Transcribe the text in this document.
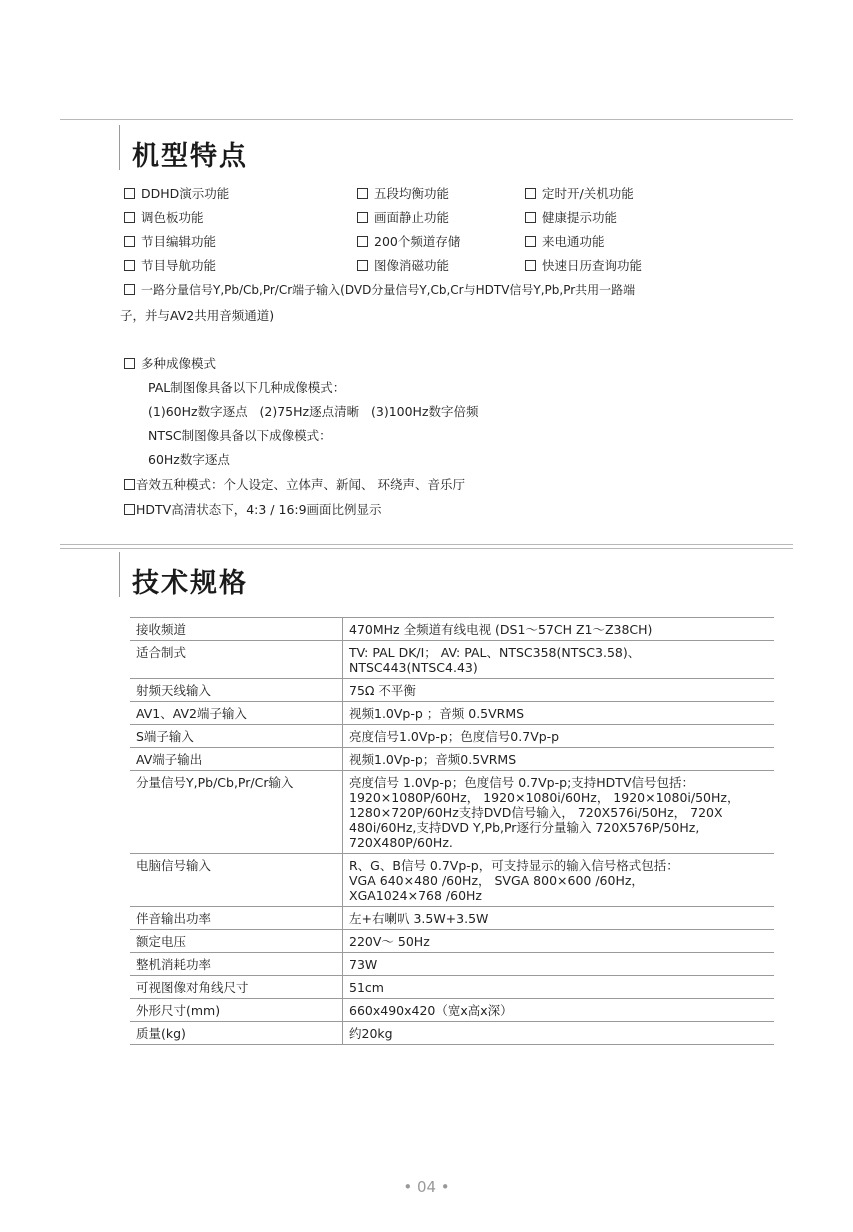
机型特点
DDHD演示功能	五段均衡功能	定时开/关机功能
调色板功能	画面静止功能	健康提示功能
节目编辑功能	200个频道存储	来电通功能
节目导航功能	图像消磁功能	快速日历查询功能
一路分量信号Y,Pb/Cb,Pr/Cr端子输入(DVD分量信号Y,Cb,Cr与HDTV信号Y,Pb,Pr共用一路端
子，并与AV2共用音频通道)
多种成像模式
PAL制图像具备以下几种成像模式：
(1)60Hz数字逐点   (2)75Hz逐点清晰   (3)100Hz数字倍频
NTSC制图像具备以下成像模式：
60Hz数字逐点
音效五种模式：个人设定、立体声、新闻、 环绕声、音乐厅
HDTV高清状态下，4:3 / 16:9画面比例显示
技术规格
接收频道	470MHz 全频道有线电视 (DS1～57CH Z1～Z38CH)
适合制式	TV: PAL DK/I； AV: PAL、NTSC358(NTSC3.58)、
NTSC443(NTSC4.43)
射频天线输入	75Ω 不平衡
AV1、AV2端子输入	视频1.0Vp-p ；音频 0.5VRMS
S端子输入	亮度信号1.0Vp-p；色度信号0.7Vp-p
AV端子输出	视频1.0Vp-p；音频0.5VRMS
分量信号Y,Pb/Cb,Pr/Cr输入	亮度信号 1.0Vp-p；色度信号 0.7Vp-p;支持HDTV信号包括：
1920×1080P/60Hz， 1920×1080i/60Hz， 1920×1080i/50Hz，
1280×720P/60Hz支持DVD信号输入， 720X576i/50Hz， 720X
480i/60Hz,支持DVD Y,Pb,Pr逐行分量输入 720X576P/50Hz,
720X480P/60Hz.
电脑信号输入	R、G、B信号 0.7Vp-p，可支持显示的输入信号格式包括：
VGA 640×480 /60Hz， SVGA 800×600 /60Hz，
XGA1024×768 /60Hz
伴音输出功率	左+右喇叭 3.5W+3.5W
额定电压	220V～ 50Hz
整机消耗功率	73W
可视图像对角线尺寸	51cm
外形尺寸(mm)	660x490x420（宽x高x深）
质量(kg)	约20kg
• 04 •
